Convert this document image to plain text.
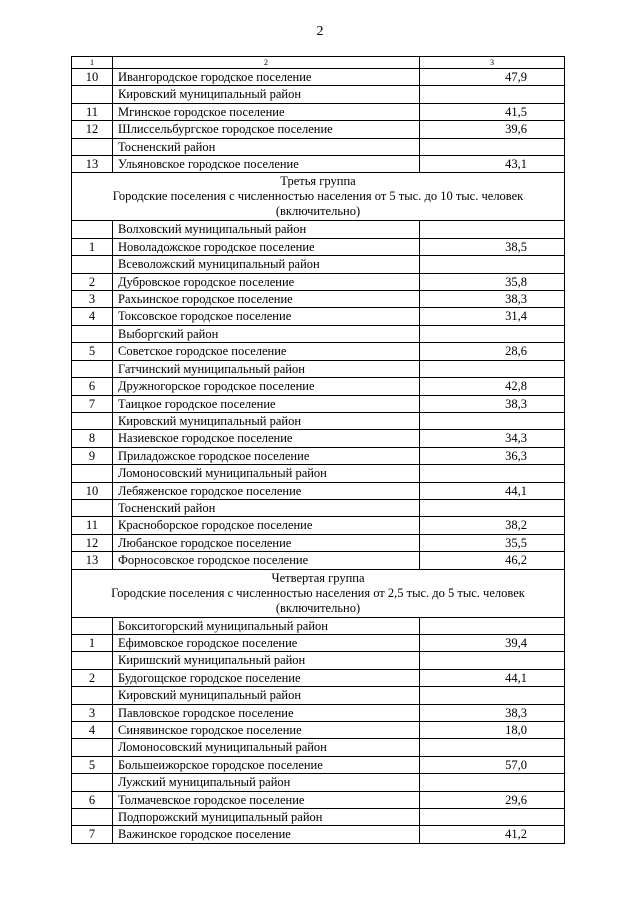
2
1	2	3
10	Ивангородское городское поселение	47,9
	Кировский муниципальный район	
11	Мгинское городское поселение	41,5
12	Шлиссельбургское городское поселение	39,6
	Тосненский район	
13	Ульяновское городское поселение	43,1

Третья группа
Городские поселения с численностью населения от 5 тыс. до 10 тыс. человек
(включительно)		

	Волховский муниципальный район	
1	Новоладожское городское поселение	38,5
	Всеволожский муниципальный район	
2	Дубровское городское поселение	35,8
3	Рахьинское городское поселение	38,3
4	Токсовское городское поселение	31,4
	Выборгский район	
5	Советское городское поселение	28,6
	Гатчинский муниципальный район	
6	Дружногорское городское поселение	42,8
7	Таицкое городское поселение	38,3
	Кировский муниципальный район	
8	Назиевское городское поселение	34,3
9	Приладожское городское поселение	36,3
	Ломоносовский муниципальный район	
10	Лебяженское городское поселение	44,1
	Тосненский район	
11	Красноборское городское поселение	38,2
12	Любанское городское поселение	35,5
13	Форносовское городское поселение	46,2

Четвертая группа
Городские поселения с численностью населения от 2,5 тыс. до 5 тыс. человек
(включительно)		

	Бокситогорский муниципальный район	
1	Ефимовское городское поселение	39,4
	Киришский муниципальный район	
2	Будогощское городское поселение	44,1
	Кировский муниципальный район	
3	Павловское городское поселение	38,3
4	Синявинское городское поселение	18,0
	Ломоносовский муниципальный район	
5	Большеижорское городское поселение	57,0
	Лужский муниципальный район	
6	Толмачевское городское поселение	29,6
	Подпорожский муниципальный район	
7	Важинское городское поселение	41,2
